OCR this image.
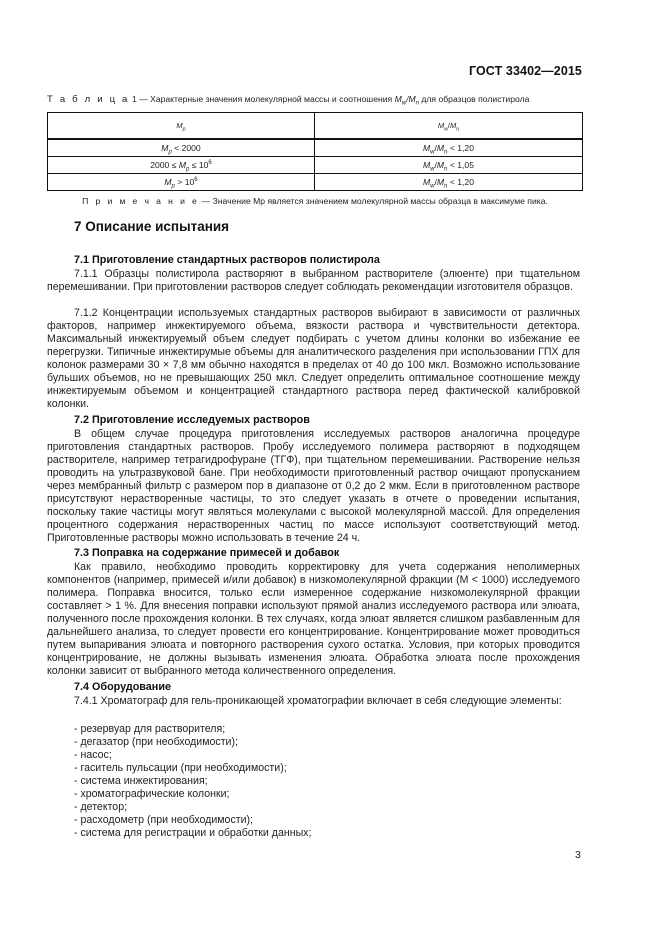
ГОСТ 33402—2015
Т а б л и ц а 1 — Характерные значения молекулярной массы и соотношения $M_w/M_n$ для образцов полистирола
$M_p$	$M_w/M_n$
$M_p < 2000$	$M_w/M_n < 1,20$
$2000 \le M_p \le 10^6$	$M_w/M_n < 1,05$
$M_p > 10^6$	$M_w/M_n < 1,20$
П р и м е ч а н и е — Значение Mp является значением молекулярной массы образца в максимуме пика.
7 Описание испытания
7.1 Приготовление стандартных растворов полистирола
7.1.1 Образцы полистирола растворяют в выбранном растворителе (элюенте) при тщательном перемешивании. При приготовлении растворов следует соблюдать рекомендации изготовителя образцов.
7.1.2 Концентрации используемых стандартных растворов выбирают в зависимости от различных факторов, например инжектируемого объема, вязкости раствора и чувствительности детектора. Максимальный инжектируемый объем следует подбирать с учетом длины колонки во избежание ее перегрузки. Типичные инжектирумые объемы для аналитического разделения при использовании ГПХ для колонок размерами 30 × 7,8 мм обычно находятся в пределах от 40 до 100 мкл. Возможно использование бульших объемов, но не превышающих 250 мкл. Следует определить оптимальное соотношение между инжектируемым объемом и концентрацией стандартного раствора перед фактической калибровкой колонки.
7.2 Приготовление исследуемых растворов
В общем случае процедура приготовления исследуемых растворов аналогична процедуре приготовления стандартных растворов. Пробу исследуемого полимера растворяют в подходящем растворителе, например тетрагидрофуране (ТГФ), при тщательном перемешивании. Растворение нельзя проводить на ультразвуковой бане. При необходимости приготовленный раствор очищают пропусканием через мембранный фильтр с размером пор в диапазоне от 0,2 до 2 мкм. Если в приготовленном растворе присутствуют нерастворенные частицы, то это следует указать в отчете о проведении испытания, поскольку такие частицы могут являться молекулами с высокой молекулярной массой. Для определения процентного содержания нерастворенных частиц по массе используют соответствующий метод. Приготовленные растворы можно использовать в течение 24 ч.
7.3 Поправка на содержание примесей и добавок
Как правило, необходимо проводить корректировку для учета содержания неполимерных компонентов (например, примесей и/или добавок) в низкомолекулярной фракции (M < 1000) исследуемого полимера. Поправка вносится, только если измеренное содержание низкомолекулярной фракции составляет > 1 %. Для внесения поправки используют прямой анализ исследуемого раствора или элюата, полученного после прохождения колонки. В тех случаях, когда элюат является слишком разбавленным для дальнейшего анализа, то следует провести его концентрирование. Концентрирование может проводиться путем выпаривания элюата и повторного растворения сухого остатка. Условия, при которых проводится концентрирование, не должны вызывать изменения элюата. Обработка элюата после прохождения колонки зависит от выбранного метода количественного определения.
7.4 Оборудование
7.4.1 Хроматограф для гель-проникающей хроматографии включает в себя следующие элементы:
- резервуар для растворителя;
- дегазатор (при необходимости);
- насос;
- гаситель пульсации (при необходимости);
- система инжектирования;
- хроматографические колонки;
- детектор;
- расходометр (при необходимости);
- система для регистрации и обработки данных;
3
